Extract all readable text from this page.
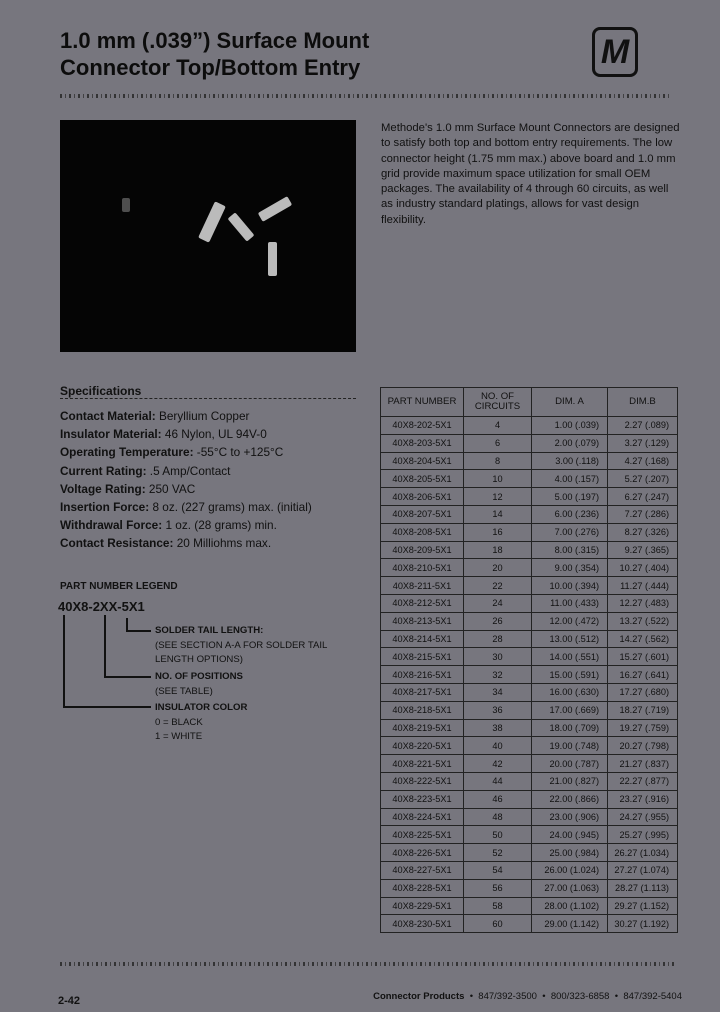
1.0 mm (.039”) Surface Mount
Connector Top/Bottom Entry	M
Methode's 1.0 mm Surface Mount Connectors are designed to satisfy both top and bottom entry requirements. The low connector height (1.75 mm max.) above board and 1.0 mm grid provide maximum space utilization for small OEM packages. The availability of 4 through 60 circuits, as well as industry standard platings, allows for vast design flexibility.
Specifications
Contact Material: Beryllium Copper
Insulator Material: 46 Nylon, UL 94V-0
Operating Temperature: -55°C to +125°C
Current Rating: .5 Amp/Contact
Voltage Rating: 250 VAC
Insertion Force: 8 oz. (227 grams) max. (initial)
Withdrawal Force: 1 oz. (28 grams) min.
Contact Resistance: 20 Milliohms max.
PART NUMBER LEGEND
40X8-2XX-5X1
SOLDER TAIL LENGTH:
(SEE SECTION A-A FOR SOLDER TAIL
LENGTH OPTIONS)
NO. OF POSITIONS
(SEE TABLE)
INSULATOR COLOR
0 = BLACK
1 = WHITE
PART NUMBER	NO. OF CIRCUITS	DIM. A	DIM.B
40X8-202-5X1	4	1.00 (.039)	2.27 (.089)
40X8-203-5X1	6	2.00 (.079)	3.27 (.129)
40X8-204-5X1	8	3.00 (.118)	4.27 (.168)
40X8-205-5X1	10	4.00 (.157)	5.27 (.207)
40X8-206-5X1	12	5.00 (.197)	6.27 (.247)
40X8-207-5X1	14	6.00 (.236)	7.27 (.286)
40X8-208-5X1	16	7.00 (.276)	8.27 (.326)
40X8-209-5X1	18	8.00 (.315)	9.27 (.365)
40X8-210-5X1	20	9.00 (.354)	10.27 (.404)
40X8-211-5X1	22	10.00 (.394)	11.27 (.444)
40X8-212-5X1	24	11.00 (.433)	12.27 (.483)
40X8-213-5X1	26	12.00 (.472)	13.27 (.522)
40X8-214-5X1	28	13.00 (.512)	14.27 (.562)
40X8-215-5X1	30	14.00 (.551)	15.27 (.601)
40X8-216-5X1	32	15.00 (.591)	16.27 (.641)
40X8-217-5X1	34	16.00 (.630)	17.27 (.680)
40X8-218-5X1	36	17.00 (.669)	18.27 (.719)
40X8-219-5X1	38	18.00 (.709)	19.27 (.759)
40X8-220-5X1	40	19.00 (.748)	20.27 (.798)
40X8-221-5X1	42	20.00 (.787)	21.27 (.837)
40X8-222-5X1	44	21.00 (.827)	22.27 (.877)
40X8-223-5X1	46	22.00 (.866)	23.27 (.916)
40X8-224-5X1	48	23.00 (.906)	24.27 (.955)
40X8-225-5X1	50	24.00 (.945)	25.27 (.995)
40X8-226-5X1	52	25.00 (.984)	26.27 (1.034)
40X8-227-5X1	54	26.00 (1.024)	27.27 (1.074)
40X8-228-5X1	56	27.00 (1.063)	28.27 (1.113)
40X8-229-5X1	58	28.00 (1.102)	29.27 (1.152)
40X8-230-5X1	60	29.00 (1.142)	30.27 (1.192)
2-42	Connector Products • 847/392-3500 • 800/323-6858 • 847/392-5404
